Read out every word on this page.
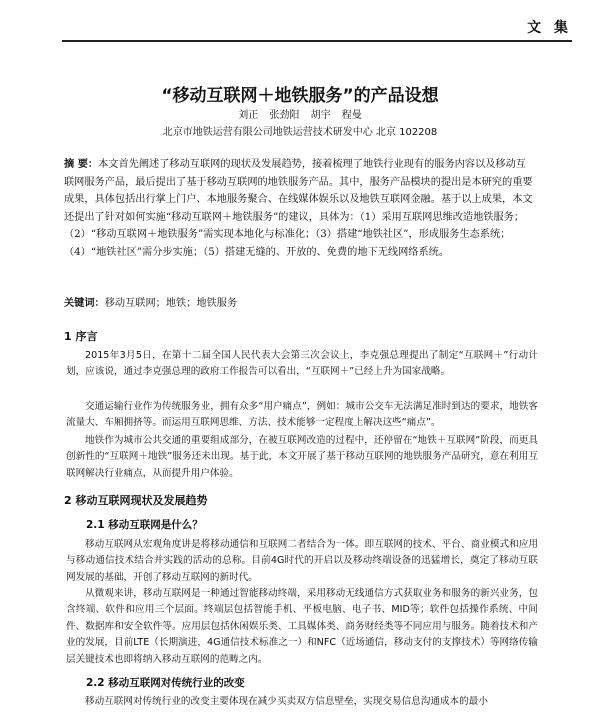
文 集
“移动互联网＋地铁服务”的产品设想
刘正 张劲阳 胡宇 程曼
北京市地铁运营有限公司地铁运营技术研发中心 北京 102208
摘 要：本文首先阐述了移动互联网的现状及发展趋势，接着梳理了地铁行业现有的服务内容以及移动互联网服务产品，最后提出了基于移动互联网的地铁服务产品。其中，服务产品模块的提出是本研究的重要成果，具体包括出行掌上门户、本地服务聚合、在线媒体娱乐以及地铁互联网金融。基于以上成果，本文还提出了针对如何实施“移动互联网＋地铁服务”的建议，具体为：（1）采用互联网思维改造地铁服务；（2）“移动互联网＋地铁服务”需实现本地化与标准化；（3）搭建“地铁社区”，形成服务生态系统；（4）“地铁社区”需分步实施；（5）搭建无缝的、开放的、免费的地下无线网络系统。
关键词：移动互联网；地铁；地铁服务
1 序言
2015年3月5日，在第十二届全国人民代表大会第三次会议上，李克强总理提出了制定“互联网＋”行动计划，应该说，通过李克强总理的政府工作报告可以看出，“互联网＋”已经上升为国家战略。
交通运输行业作为传统服务业，拥有众多“用户痛点”，例如：城市公交车无法满足准时到达的要求，地铁客流量大、车厢拥挤等。而运用互联网思维、方法、技术能够一定程度上解决这些“痛点”。
地铁作为城市公共交通的重要组成部分，在被互联网改造的过程中，还停留在“地铁＋互联网”阶段，而更具创新性的“互联网＋地铁”服务还未出现。基于此，本文开展了基于移动互联网的地铁服务产品研究，意在利用互联网解决行业痛点，从而提升用户体验。
2 移动互联网现状及发展趋势
2.1 移动互联网是什么？
移动互联网从宏观角度讲是将移动通信和互联网二者结合为一体。即互联网的技术、平台、商业模式和应用与移动通信技术结合并实践的活动的总称。目前4G时代的开启以及移动终端设备的迅猛增长，奠定了移动互联网发展的基础，开创了移动互联网的新时代。
从微观来讲，移动互联网是一种通过智能移动终端，采用移动无线通信方式获取业务和服务的新兴业务，包含终端、软件和应用三个层面。终端层包括智能手机、平板电脑、电子书、MID等；软件包括操作系统、中间件、数据库和安全软件等。应用层包括休闲娱乐类、工具媒体类、商务财经类等不同应用与服务。随着技术和产业的发展，目前LTE（长期演进，4G通信技术标准之一）和NFC（近场通信，移动支付的支撑技术）等网络传输层关键技术也即将纳入移动互联网的范畴之内。
2.2 移动互联网对传统行业的改变
移动互联网对传统行业的改变主要体现在减少买卖双方信息壁垒，实现交易信息沟通成本的最小
